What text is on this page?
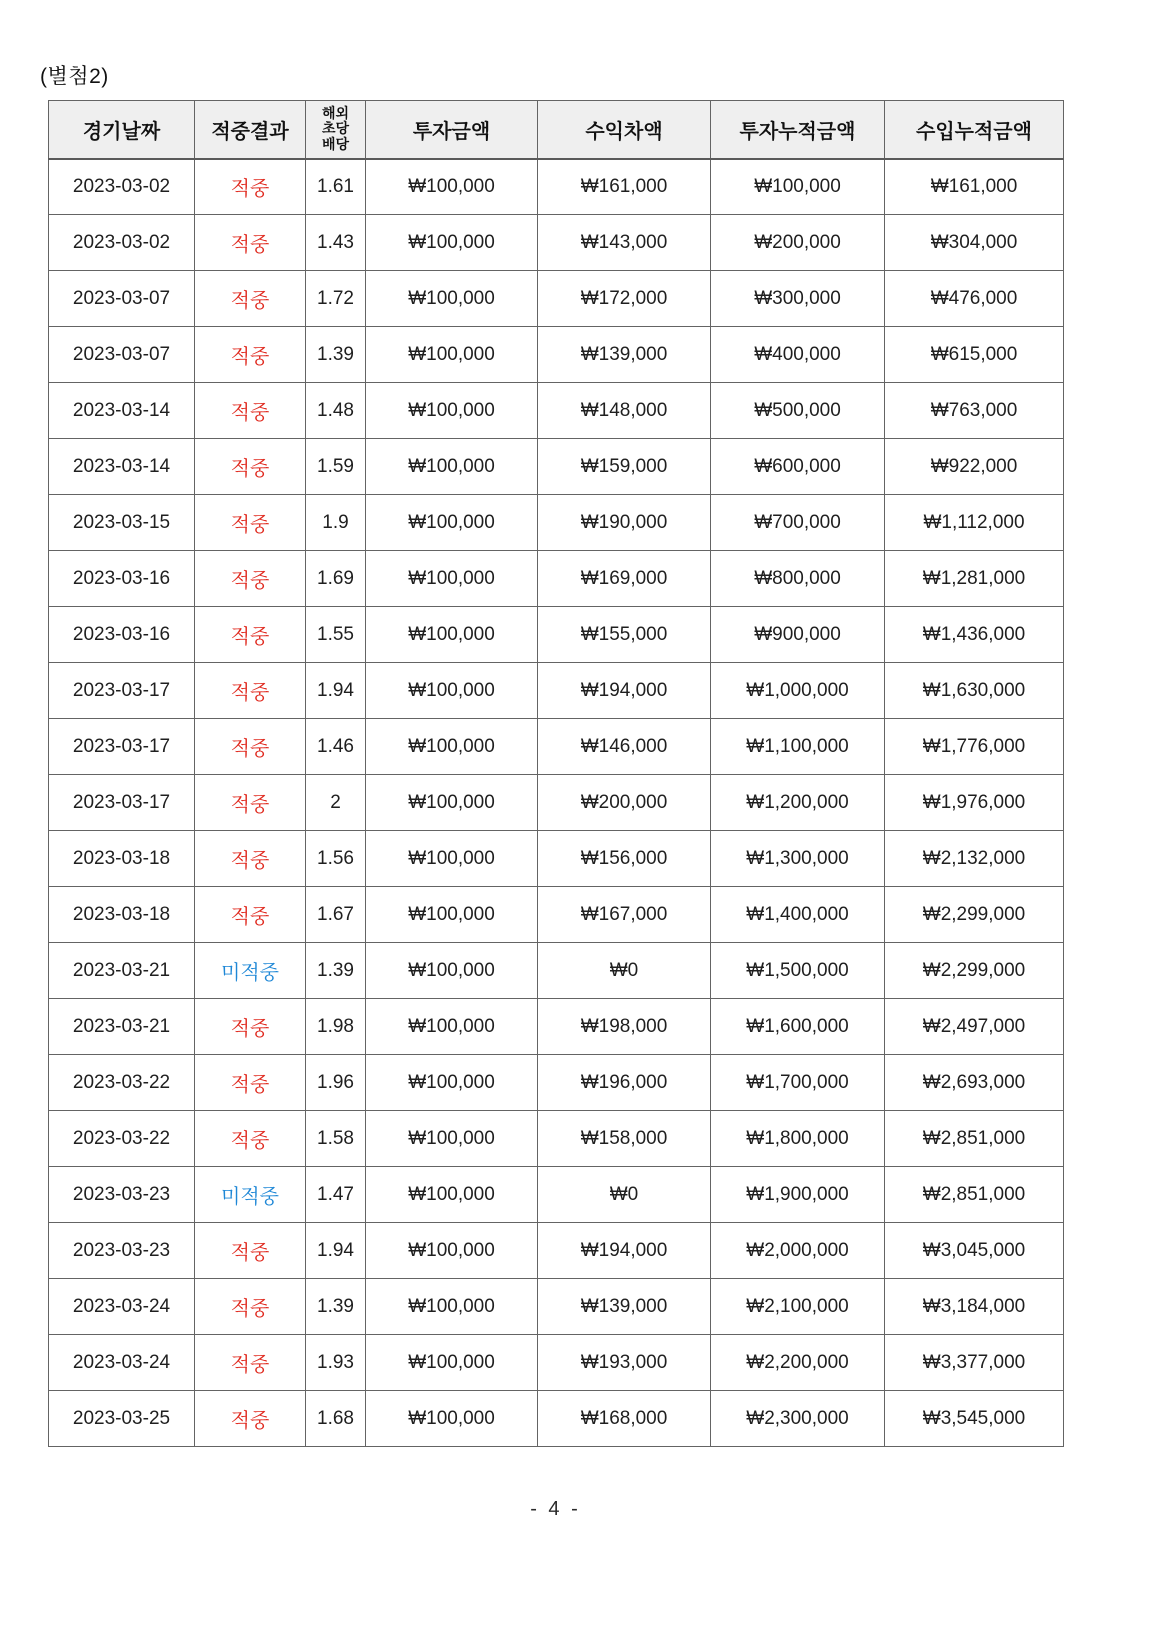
(별첨2)
경기날짜	적중결과	해외
초당
배당	투자금액	수익차액	투자누적금액	수입누적금액
2023-03-02	적중	1.61	₩100,000	₩161,000	₩100,000	₩161,000
2023-03-02	적중	1.43	₩100,000	₩143,000	₩200,000	₩304,000
2023-03-07	적중	1.72	₩100,000	₩172,000	₩300,000	₩476,000
2023-03-07	적중	1.39	₩100,000	₩139,000	₩400,000	₩615,000
2023-03-14	적중	1.48	₩100,000	₩148,000	₩500,000	₩763,000
2023-03-14	적중	1.59	₩100,000	₩159,000	₩600,000	₩922,000
2023-03-15	적중	1.9	₩100,000	₩190,000	₩700,000	₩1,112,000
2023-03-16	적중	1.69	₩100,000	₩169,000	₩800,000	₩1,281,000
2023-03-16	적중	1.55	₩100,000	₩155,000	₩900,000	₩1,436,000
2023-03-17	적중	1.94	₩100,000	₩194,000	₩1,000,000	₩1,630,000
2023-03-17	적중	1.46	₩100,000	₩146,000	₩1,100,000	₩1,776,000
2023-03-17	적중	2	₩100,000	₩200,000	₩1,200,000	₩1,976,000
2023-03-18	적중	1.56	₩100,000	₩156,000	₩1,300,000	₩2,132,000
2023-03-18	적중	1.67	₩100,000	₩167,000	₩1,400,000	₩2,299,000
2023-03-21	미적중	1.39	₩100,000	₩0	₩1,500,000	₩2,299,000
2023-03-21	적중	1.98	₩100,000	₩198,000	₩1,600,000	₩2,497,000
2023-03-22	적중	1.96	₩100,000	₩196,000	₩1,700,000	₩2,693,000
2023-03-22	적중	1.58	₩100,000	₩158,000	₩1,800,000	₩2,851,000
2023-03-23	미적중	1.47	₩100,000	₩0	₩1,900,000	₩2,851,000
2023-03-23	적중	1.94	₩100,000	₩194,000	₩2,000,000	₩3,045,000
2023-03-24	적중	1.39	₩100,000	₩139,000	₩2,100,000	₩3,184,000
2023-03-24	적중	1.93	₩100,000	₩193,000	₩2,200,000	₩3,377,000
2023-03-25	적중	1.68	₩100,000	₩168,000	₩2,300,000	₩3,545,000
- 4 -
